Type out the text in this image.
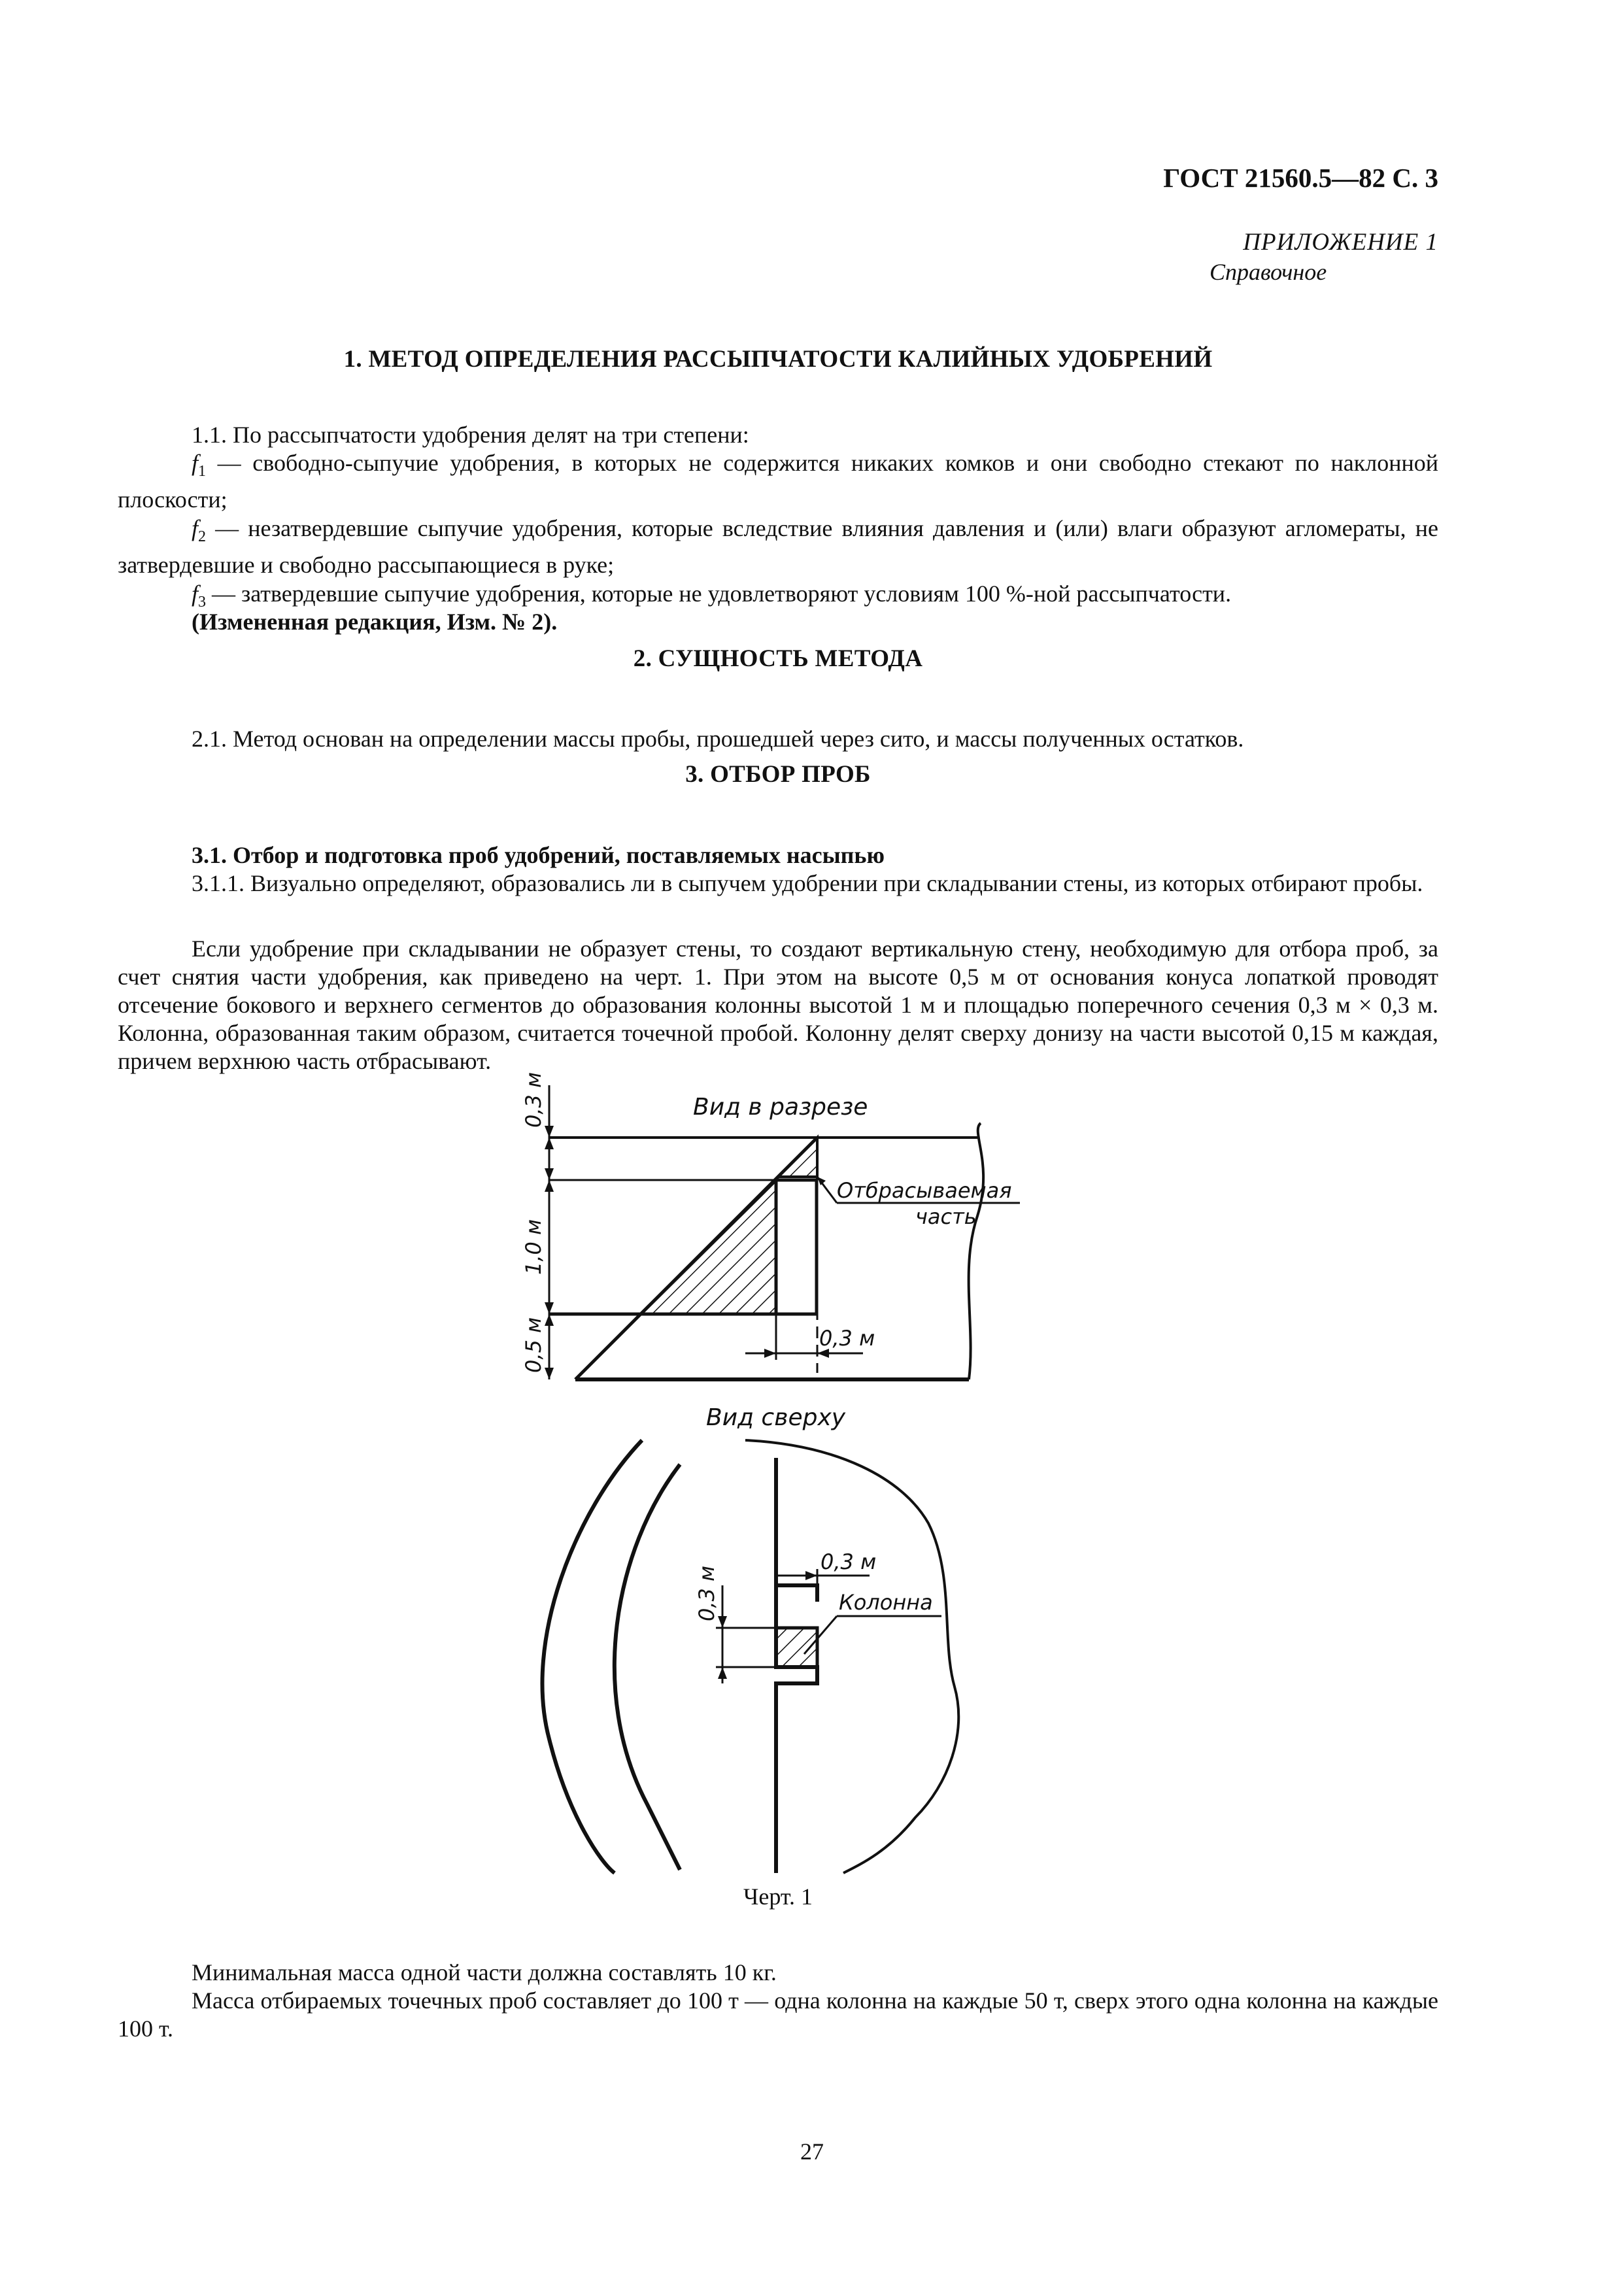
ГОСТ 21560.5—82 С. 3
ПРИЛОЖЕНИЕ 1
Справочное
1. МЕТОД ОПРЕДЕЛЕНИЯ РАССЫПЧАТОСТИ КАЛИЙНЫХ УДОБРЕНИЙ

1.1. По рассыпчатости удобрения делят на три степени:

$f_1$ — свободно-сыпучие удобрения, в которых не содержится никаких комков и они свободно стекают по наклонной плоскости;

$f_2$ — незатвердевшие сыпучие удобрения, которые вследствие влияния давления и (или) влаги образуют агломераты, не затвердевшие и свободно рассыпающиеся в руке;

$f_3$ — затвердевшие сыпучие удобрения, которые не удовлетворяют условиям 100 %-ной рассыпчатости.

(Измененная редакция, Изм. № 2).

2. СУЩНОСТЬ МЕТОДА

2.1. Метод основан на определении массы пробы, прошедшей через сито, и массы полученных остатков.

3. ОТБОР ПРОБ

3.1. Отбор и подготовка проб удобрений, поставляемых насыпью

3.1.1. Визуально определяют, образовались ли в сыпучем удобрении при складывании стены, из которых отбирают пробы.

Если удобрение при складывании не образует стены, то создают вертикальную стену, необходимую для отбора проб, за счет снятия части удобрения, как приведено на черт. 1. При этом на высоте 0,5 м от основания конуса лопаткой проводят отсечение бокового и верхнего сегментов до образования колонны высотой 1 м и площадью поперечного сечения 0,3 м × 0,3 м. Колонна, образованная таким образом, считается точечной пробой. Колонну делят сверху донизу на части высотой 0,15 м каждая, причем верхнюю часть отбрасывают.

Вид в разрезе
0,3 м
1,0 м
0,5 м	0,3 м
Отбрасываемая
часть
Вид сверху
0,3 м
0,3 м	Колонна
Черт. 1

Минимальная масса одной части должна составлять 10 кг.

Масса отбираемых точечных проб составляет до 100 т — одна колонна на каждые 50 т, сверх этого одна колонна на каждые 100 т.

27
